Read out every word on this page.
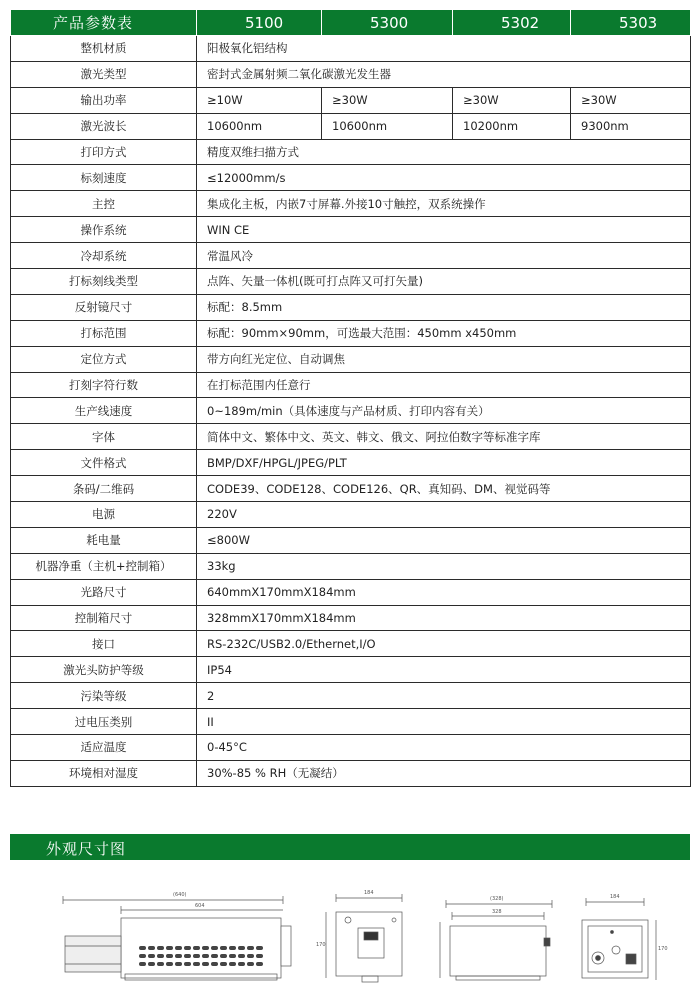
产品参数表	5100	5300	5302	5303
整机材质	阳极氧化铝结构			
激光类型	密封式金属射频二氧化碳激光发生器			
输出功率	≥10W	≥30W	≥30W	≥30W
激光波长	10600nm	10600nm	10200nm	9300nm
打印方式	精度双维扫描方式			
标刻速度	≤12000mm/s			
主控	集成化主板，内嵌7寸屏幕.外接10寸触控，双系统操作			
操作系统	WIN CE			
冷却系统	常温风冷			
打标刻线类型	点阵、矢量一体机(既可打点阵又可打矢量)			
反射镜尺寸	标配：8.5mm			
打标范围	标配：90mm×90mm，可选最大范围：450mm x450mm			
定位方式	带方向红光定位、自动调焦			
打刻字符行数	在打标范围内任意行			
生产线速度	0~189m/min（具体速度与产品材质、打印内容有关）			
字体	简体中文、繁体中文、英文、韩文、俄文、阿拉伯数字等标准字库			
文件格式	BMP/DXF/HPGL/JPEG/PLT			
条码/二维码	CODE39、CODE128、CODE126、QR、真知码、DM、视觉码等			
电源	220V			
耗电量	≤800W			
机器净重（主机+控制箱）	33kg			
光路尺寸	640mmX170mmX184mm			
控制箱尺寸	328mmX170mmX184mm			
接口	RS-232C/USB2.0/Ethernet,I/O			
激光头防护等级	IP54			
污染等级	2			
过电压类别	II			
适应温度	0-45°C			
环境相对湿度	30%-85 % RH（无凝结）			
外观尺寸图
(640)
604
184
170
(328)
328
184
170
